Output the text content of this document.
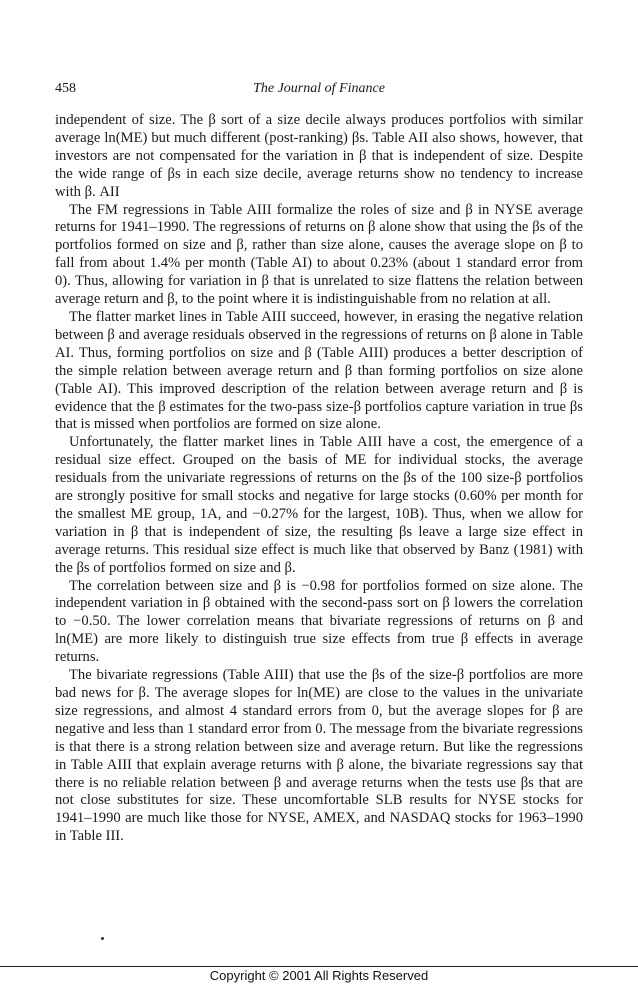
458	The Journal of Finance

independent of size. The β sort of a size decile always produces portfolios with similar average ln(ME) but much different (post-ranking) βs. Table AII also shows, however, that investors are not compensated for the variation in β that is independent of size. Despite the wide range of βs in each size decile, average returns show no tendency to increase with β. AII

The FM regressions in Table AIII formalize the roles of size and β in NYSE average returns for 1941–1990. The regressions of returns on β alone show that using the βs of the portfolios formed on size and β, rather than size alone, causes the average slope on β to fall from about 1.4% per month (Table AI) to about 0.23% (about 1 standard error from 0). Thus, allowing for variation in β that is unrelated to size flattens the relation between average return and β, to the point where it is indistinguishable from no relation at all.

The flatter market lines in Table AIII succeed, however, in erasing the negative relation between β and average residuals observed in the regressions of returns on β alone in Table AI. Thus, forming portfolios on size and β (Table AIII) produces a better description of the simple relation between average return and β than forming portfolios on size alone (Table AI). This improved description of the relation between average return and β is evidence that the β estimates for the two-pass size-β portfolios capture variation in true βs that is missed when portfolios are formed on size alone.

Unfortunately, the flatter market lines in Table AIII have a cost, the emergence of a residual size effect. Grouped on the basis of ME for individual stocks, the average residuals from the univariate regressions of returns on the βs of the 100 size-β portfolios are strongly positive for small stocks and negative for large stocks (0.60% per month for the smallest ME group, 1A, and −0.27% for the largest, 10B). Thus, when we allow for variation in β that is independent of size, the resulting βs leave a large size effect in average returns. This residual size effect is much like that observed by Banz (1981) with the βs of portfolios formed on size and β.

The correlation between size and β is −0.98 for portfolios formed on size alone. The independent variation in β obtained with the second-pass sort on β lowers the correlation to −0.50. The lower correlation means that bivariate regressions of returns on β and ln(ME) are more likely to distinguish true size effects from true β effects in average returns.

The bivariate regressions (Table AIII) that use the βs of the size-β portfolios are more bad news for β. The average slopes for ln(ME) are close to the values in the univariate size regressions, and almost 4 standard errors from 0, but the average slopes for β are negative and less than 1 standard error from 0. The message from the bivariate regressions is that there is a strong relation between size and average return. But like the regressions in Table AIII that explain average returns with β alone, the bivariate regressions say that there is no reliable relation between β and average returns when the tests use βs that are not close substitutes for size. These uncomfortable SLB results for NYSE stocks for 1941–1990 are much like those for NYSE, AMEX, and NASDAQ stocks for 1963–1990 in Table III.

Copyright © 2001 All Rights Reserved
